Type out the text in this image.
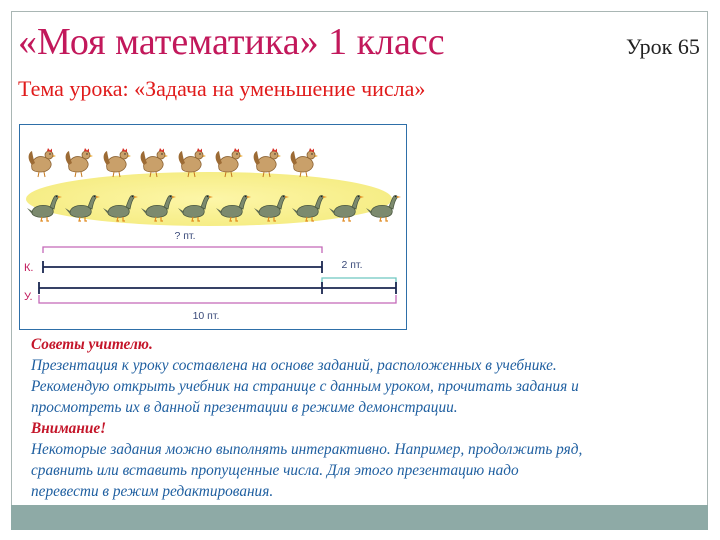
«Моя математика» 1 класс	Урок 65
Тема урока: «Задача на уменьшение числа»
? пт.
К.	2 пт.
У.
10 пт.
Советы учителю.
Презентация к уроку составлена на основе заданий, расположенных в учебнике.
Рекомендую открыть учебник на странице с данным уроком, прочитать задания и
просмотреть их в данной презентации в режиме демонстрации.
Внимание!
Некоторые задания можно выполнять интерактивно. Например, продолжить ряд,
сравнить или вставить пропущенные числа. Для этого презентацию надо
перевести в режим редактирования.
